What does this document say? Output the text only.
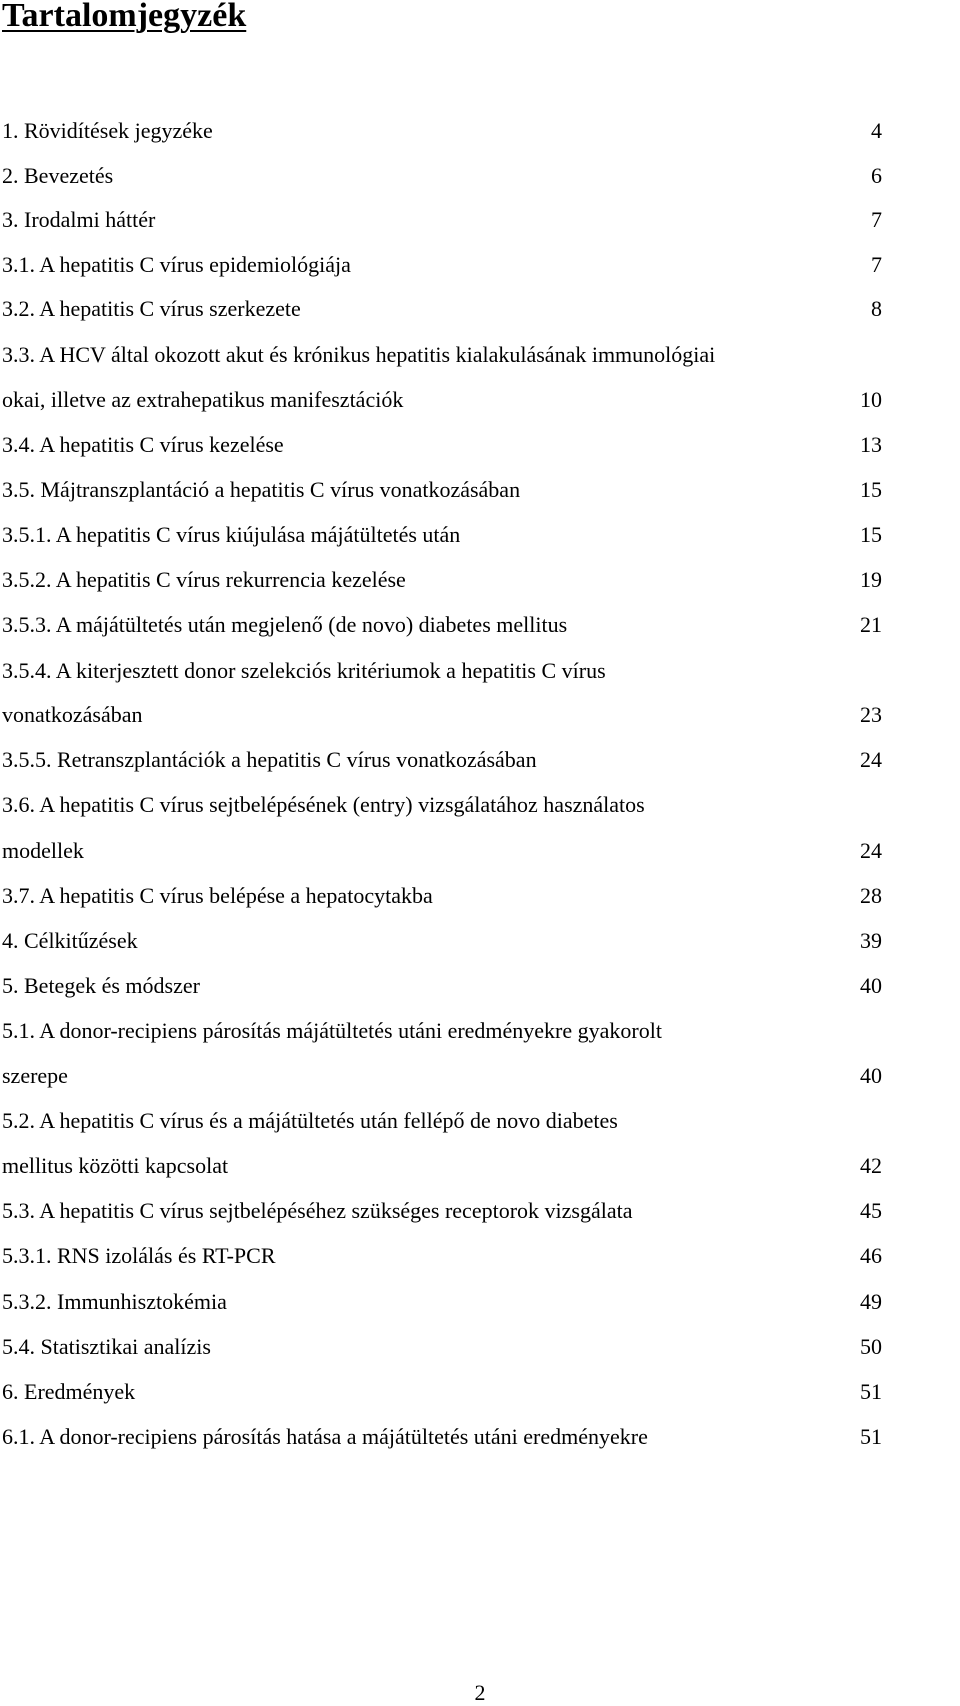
Tartalomjegyzék
1. Rövidítések jegyzéke	4
2. Bevezetés	6
3. Irodalmi háttér	7
3.1. A hepatitis C vírus epidemiológiája	7
3.2. A hepatitis C vírus szerkezete	8
3.3. A HCV által okozott akut és krónikus hepatitis kialakulásának immunológiai
okai, illetve az extrahepatikus manifesztációk	10
3.4. A hepatitis C vírus kezelése	13
3.5. Májtranszplantáció a hepatitis C vírus vonatkozásában	15
3.5.1. A hepatitis C vírus kiújulása májátültetés után	15
3.5.2. A hepatitis C vírus rekurrencia kezelése	19
3.5.3. A májátültetés után megjelenő (de novo) diabetes mellitus	21
3.5.4. A kiterjesztett donor szelekciós kritériumok a hepatitis C vírus
vonatkozásában	23
3.5.5. Retranszplantációk a hepatitis C vírus vonatkozásában	24
3.6. A hepatitis C vírus sejtbelépésének (entry) vizsgálatához használatos
modellek	24
3.7. A hepatitis C vírus belépése a hepatocytakba	28
4. Célkitűzések	39
5. Betegek és módszer	40
5.1. A donor-recipiens párosítás májátültetés utáni eredményekre gyakorolt
szerepe	40
5.2. A hepatitis C vírus és a májátültetés után fellépő de novo diabetes
mellitus közötti kapcsolat	42
5.3. A hepatitis C vírus sejtbelépéséhez szükséges receptorok vizsgálata	45
5.3.1. RNS izolálás és RT-PCR	46
5.3.2. Immunhisztokémia	49
5.4. Statisztikai analízis	50
6. Eredmények	51
6.1. A donor-recipiens párosítás hatása a májátültetés utáni eredményekre	51
2
